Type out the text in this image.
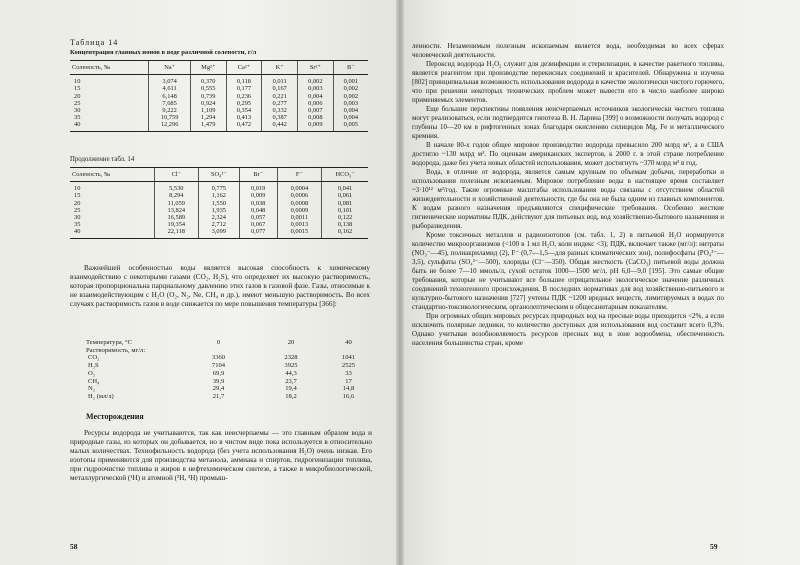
Таблица 14
Концентрация главных ионов в воде различной солености, г/л
Соленость, ‰	Na⁺	Mg²⁺	Ca²⁺	K⁺	Sr²⁺	B⁻
10	3,074	0,370	0,118	0,011	0,002	0,001
15	4,611	0,555	0,177	0,167	0,003	0,002
20	6,148	0,739	0,236	0,221	0,004	0,002
25	7,685	0,924	0,295	0,277	0,006	0,003
30	9,222	1,109	0,354	0,332	0,007	0,004
35	10,759	1,294	0,413	0,387	0,008	0,004
40	12,296	1,479	0,472	0,442	0,009	0,005
Продолжение табл. 14
Соленость, ‰	Cl⁻	SO₄²⁻	Br⁻	F⁻	HCO₃⁻
10	5,530	0,775	0,019	0,0004	0,041
15	8,294	1,162	0,009	0,0006	0,061
20	11,059	1,550	0,038	0,0008	0,081
25	13,824	1,935	0,048	0,0009	0,101
30	16,589	2,324	0,057	0,0011	0,122
35	19,354	2,712	0,067	0,0013	0,138
40	22,118	3,099	0,077	0,0015	0,162

Важнейшей особенностью воды является высокая способность к химическому взаимодействию с некоторыми газами (CO₂, H₂S), что определяет их высокую растворимость, которая пропорциональна парциальному давлению этих газов в газовой фазе. Газы, относимые к не взаимодействующим с H₂O (O₂, N₂, Ne, CH₄ и др.), имеют меньшую растворимость. Во всех случаях растворимость газов в воде снижается по мере повышения температуры [366]:

Температура, °C	0	20	40
Растворимость, мг/л:			
CO₂	3360	2328	1041
H₂S	7104	3925	2525
O₂	69,9	44,3	33
CH₄	39,9	23,7	17
N₂	29,4	19,4	14,8
H₂ (мл/л)	21,7	18,2	16,6
Месторождения

Ресурсы водорода не учитываются, так как неисчерпаемы — это главным образом вода и природные газы, из которых он добывается, но в чистом виде пока используется в относительно малых количествах. Технофильность водорода (без учета использования H₂O) очень низкая. Его изотопы применяются для производства метанола, аммиака и спиртов, гидрогенизации топлива, при гидроочистке топлива и жиров в нефтехимическом синтезе, а также в микробиологической, металлургической (¹H) и атомной (²H, ³H) промыш-

58

ленности. Незаменимым полезным ископаемым является вода, необходимая во всех сферах человеческой деятельности.

Пероксид водорода H₂O₂ служит для дезинфекции и стерилизации, в качестве ракетного топлива, является реагентом при производстве перекисных соединений и красителей. Обнаружена и изучена [802] принципиальная возможность использования водорода в качестве экологически чистого горючего, что при решении некоторых технических проблем может вывести его в число наиболее широко применяемых элементов.

Еще большие перспективы появления неисчерпаемых источников экологически чистого топлива могут реализоваться, если подтвердится гипотеза В. Н. Ларина [399] о возможности получать водород с глубины 10—20 км в рифтогенных зонах благодаря окислению силицидов Mg, Fe и металлического кремния.

В начале 80-х годов общее мировое производство водорода превысило 200 млрд м³, а в США достигло ~130 млрд м³. По оценкам американских экспертов, к 2000 г. в этой стране потребление водорода, даже без учета новых областей использования, может достигнуть ~370 млрд м³ в год.

Вода, в отличие от водорода, является самым крупным по объемам добычи, переработки и использования полезным ископаемым. Мировое потребление воды в настоящее время составляет ~3·10¹² м³/год. Такие огромные масштабы использования воды связаны с отсутствием областей жизнедеятельности и хозяйственной деятельности, где бы она не была одним из главных компонентов. К водам разного назначения предъявляются специфические требования. Особенно жесткие гигиенические нормативы ПДК, действуют для питьевых вод, вод хозяйственно-бытового назначения и рыборазведения.

Кроме токсичных металлов и радиоизотопов (см. табл. 1, 2) в питьевой H₂O нормируется количество микроорганизмов (<100 в 1 мл H₂O, коли индекс <3); ПДК, включает также (мг/л): нитраты (NO₃⁻—45), полиакриламид (2), F⁻ (0,7—1,5—для разных климатических зон), полифосфаты (PO₄³⁻—3,5), сульфаты (SO₄²⁻—500), хлориды (Cl⁻—350). Общая жесткость (CaCO₃) питьевой воды должна быть не более 7—10 ммоль/л, сухой остаток 1000—1500 мг/л, pH 6,0—9,0 [195]. Это самые общие требования, которые не учитывают все большее отрицательное экологическое значение различных соединений техногенного происхождения. В последних нормативах для вод хозяйственно-питьевого и культурно-бытового назначения [727] учтены ПДК ~1200 вредных веществ, лимитируемых в водах по стандартно-токсикологическим, органолептическим и общесанитарным показателям.

При огромных общих мировых ресурсах природных вод на пресные воды приходится <2%, а если исключить полярные ледники, то количество доступных для использования вод составит всего 0,3%. Однако учитывая возобновляемость ресурсов пресных вод в зоне водообмена, обеспеченность населения большинства стран, кроме

59
